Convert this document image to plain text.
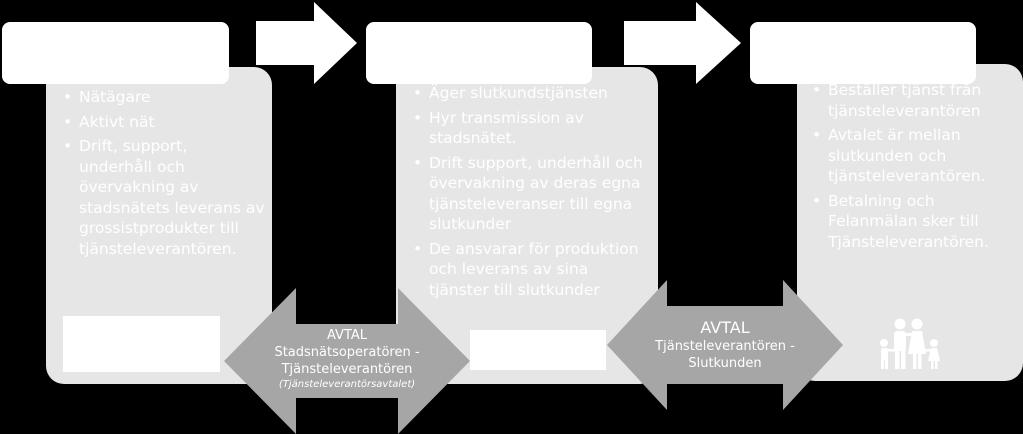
• Nätägare
• Aktivt nät
• Drift, support, underhåll och övervakning av stadsnätets leverans av grossistprodukter till tjänsteleverantören.
• Äger slutkundstjänsten
• Hyr transmission av stadsnätet.
• Drift support, underhåll och övervakning av deras egna tjänsteleveranser till egna slutkunder
• De ansvarar för produktion och leverans av sina tjänster till slutkunder
• Beställer tjänst från tjänsteleverantören
• Avtalet är mellan slutkunden och tjänsteleverantören.
• Betalning och Felanmälan sker till Tjänsteleverantören.
AVTAL
Stadsnätsoperatören -
Tjänsteleverantören
(Tjänsteleverantörsavtalet)
AVTAL
Tjänsteleverantören -
Slutkunden
